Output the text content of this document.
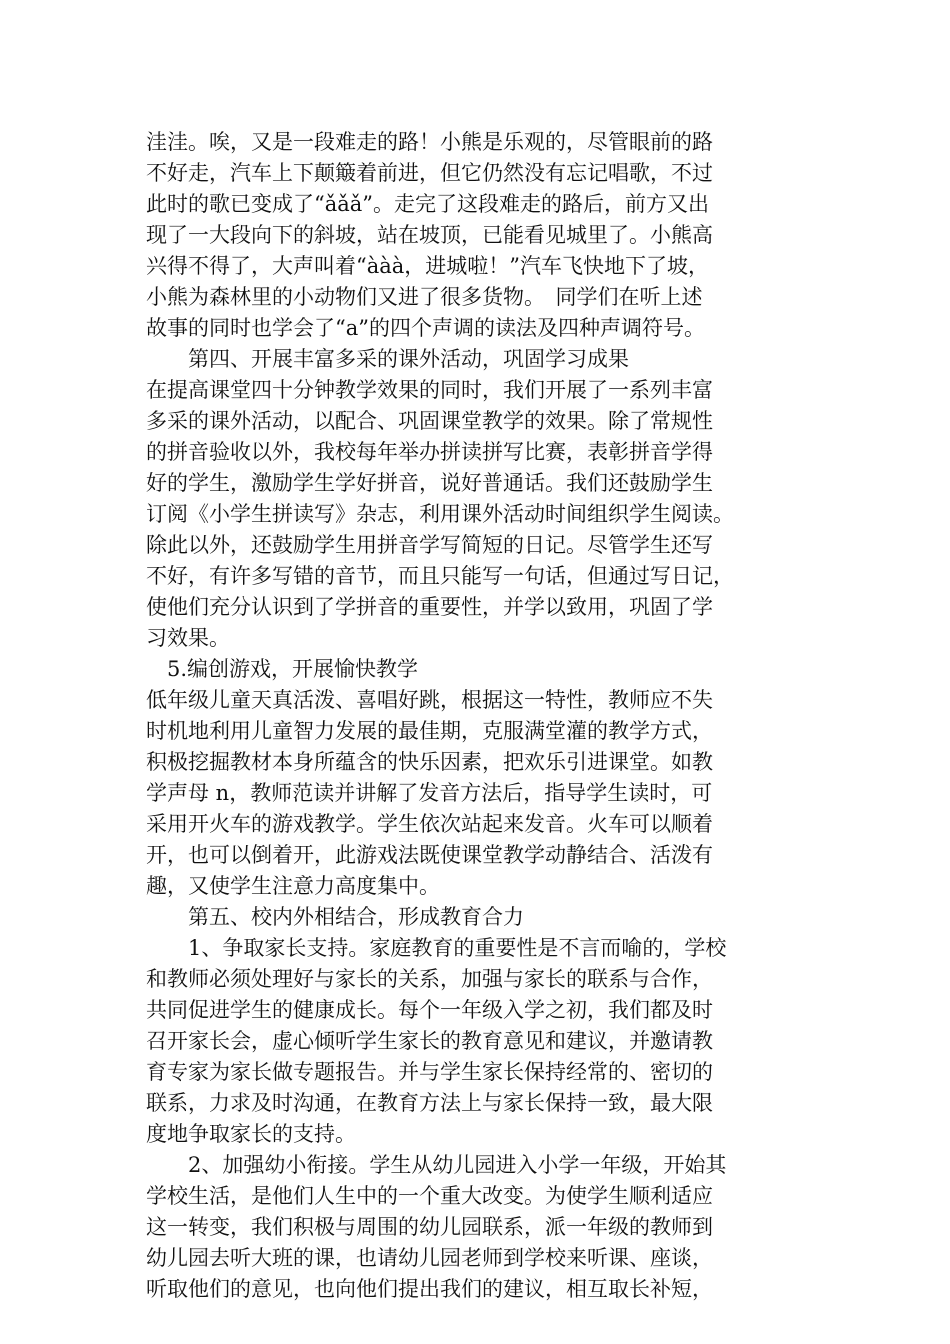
洼洼。唉，又是一段难走的路！小熊是乐观的，尽管眼前的路
不好走，汽车上下颠簸着前进，但它仍然没有忘记唱歌，不过
此时的歌已变成了“ǎǎǎ”。走完了这段难走的路后，前方又出
现了一大段向下的斜坡，站在坡顶，已能看见城里了。小熊高
兴得不得了，大声叫着“ààà，进城啦！”汽车飞快地下了坡，
小熊为森林里的小动物们又进了很多货物。　同学们在听上述
故事的同时也学会了“a”的四个声调的读法及四种声调符号。
　　第四、开展丰富多采的课外活动，巩固学习成果
在提高课堂四十分钟教学效果的同时，我们开展了一系列丰富
多采的课外活动，以配合、巩固课堂教学的效果。除了常规性
的拼音验收以外，我校每年举办拼读拼写比赛，表彰拼音学得
好的学生，激励学生学好拼音，说好普通话。我们还鼓励学生
订阅《小学生拼读写》杂志，利用课外活动时间组织学生阅读。
除此以外，还鼓励学生用拼音学写简短的日记。尽管学生还写
不好，有许多写错的音节，而且只能写一句话，但通过写日记，
使他们充分认识到了学拼音的重要性，并学以致用，巩固了学
习效果。
　5.编创游戏，开展愉快教学
低年级儿童天真活泼、喜唱好跳，根据这一特性，教师应不失
时机地利用儿童智力发展的最佳期，克服满堂灌的教学方式，
积极挖掘教材本身所蕴含的快乐因素，把欢乐引进课堂。如教
学声母 n，教师范读并讲解了发音方法后，指导学生读时，可
采用开火车的游戏教学。学生依次站起来发音。火车可以顺着
开，也可以倒着开，此游戏法既使课堂教学动静结合、活泼有
趣，又使学生注意力高度集中。
　　第五、校内外相结合，形成教育合力
　　1、争取家长支持。家庭教育的重要性是不言而喻的，学校
和教师必须处理好与家长的关系，加强与家长的联系与合作，
共同促进学生的健康成长。每个一年级入学之初，我们都及时
召开家长会，虚心倾听学生家长的教育意见和建议，并邀请教
育专家为家长做专题报告。并与学生家长保持经常的、密切的
联系，力求及时沟通，在教育方法上与家长保持一致，最大限
度地争取家长的支持。
　　2、加强幼小衔接。学生从幼儿园进入小学一年级，开始其
学校生活，是他们人生中的一个重大改变。为使学生顺利适应
这一转变，我们积极与周围的幼儿园联系，派一年级的教师到
幼儿园去听大班的课，也请幼儿园老师到学校来听课、座谈，
听取他们的意见，也向他们提出我们的建议，相互取长补短，
